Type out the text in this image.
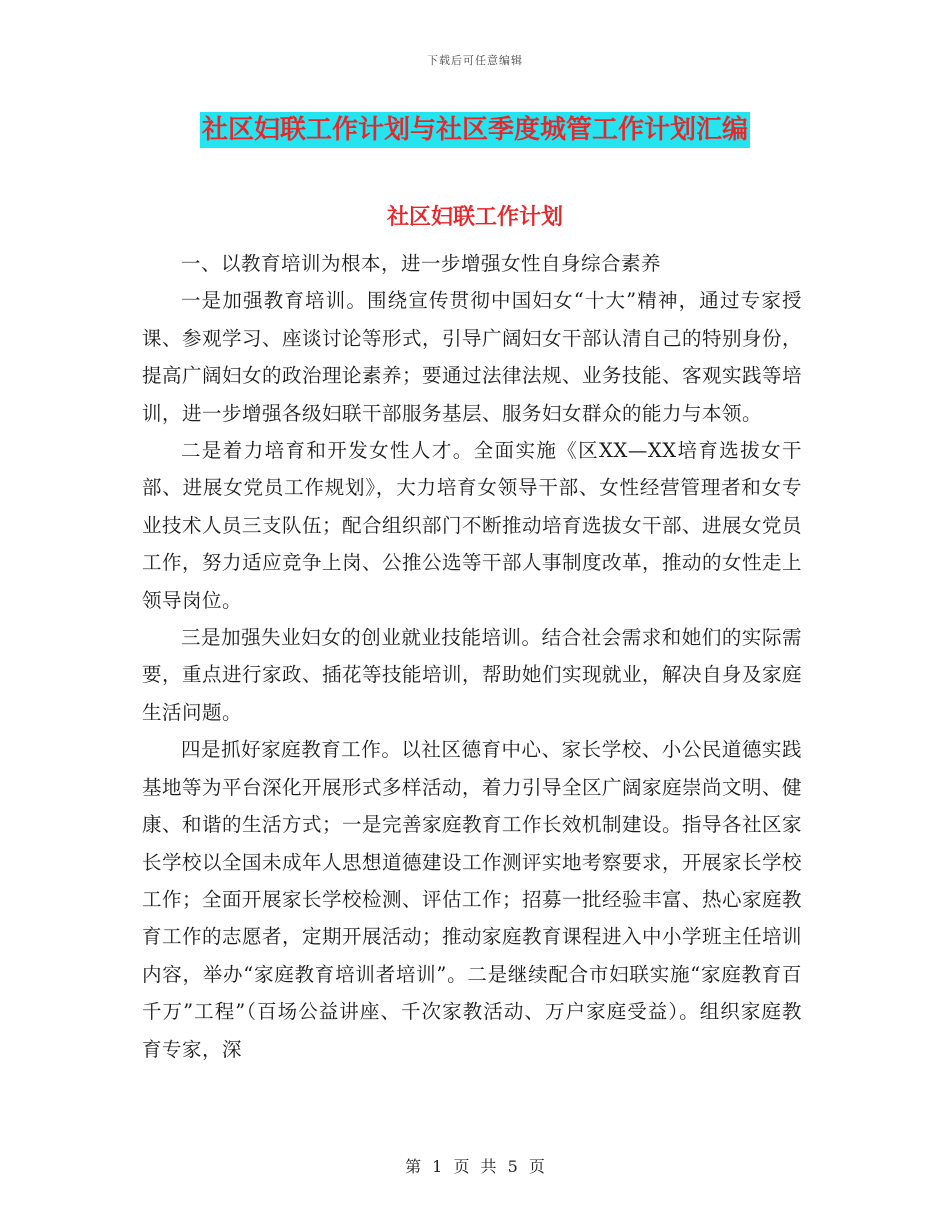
下载后可任意编辑
社区妇联工作计划与社区季度城管工作计划汇编
社区妇联工作计划

一、以教育培训为根本，进一步增强女性自身综合素养

一是加强教育培训。围绕宣传贯彻中国妇女“十大”精神，通过专家授课、参观学习、座谈讨论等形式，引导广阔妇女干部认清自己的特别身份，提高广阔妇女的政治理论素养；要通过法律法规、业务技能、客观实践等培训，进一步增强各级妇联干部服务基层、服务妇女群众的能力与本领。

二是着力培育和开发女性人才。全面实施《区XX—XX培育选拔女干部、进展女党员工作规划》，大力培育女领导干部、女性经营管理者和女专业技术人员三支队伍；配合组织部门不断推动培育选拔女干部、进展女党员工作，努力适应竞争上岗、公推公选等干部人事制度改革，推动的女性走上领导岗位。

三是加强失业妇女的创业就业技能培训。结合社会需求和她们的实际需要，重点进行家政、插花等技能培训，帮助她们实现就业，解决自身及家庭生活问题。

四是抓好家庭教育工作。以社区德育中心、家长学校、小公民道德实践基地等为平台深化开展形式多样活动，着力引导全区广阔家庭崇尚文明、健康、和谐的生活方式；一是完善家庭教育工作长效机制建设。指导各社区家长学校以全国未成年人思想道德建设工作测评实地考察要求，开展家长学校工作；全面开展家长学校检测、评估工作；招募一批经验丰富、热心家庭教育工作的志愿者，定期开展活动；推动家庭教育课程进入中小学班主任培训内容，举办“家庭教育培训者培训”。二是继续配合市妇联实施“家庭教育百千万”工程”（百场公益讲座、千次家教活动、万户家庭受益）。组织家庭教育专家，深

第 1 页 共 5 页
